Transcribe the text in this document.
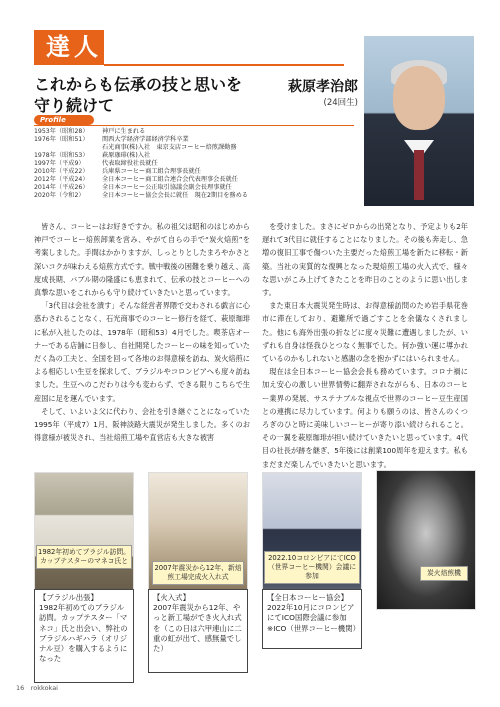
達人
これからも伝承の技と思いを
守り続けて
萩原孝治郎
(24回生)
Profile
1953年（昭和28）	神戸に生まれる
1976年（昭和51）	関西大学経済学部経済学科卒業
石光商事(株)入社　東京支店コーヒー焙煎課勤務
1978年（昭和53）	萩原珈琲(株)入社
1997年（平成9）	代表取締役社長就任
2010年（平成22）	兵庫県コーヒー商工組合理事長就任
2012年（平成24）	全日本コーヒー商工組合連合会代表理事会長就任
2014年（平成26）	全日本コーヒー公正取引協議会副会長理事就任
2020年（令和2）	全日本コーヒー協会会長に就任　現在2期目を務める

皆さん、コーヒーはお好きですか。私の祖父は昭和のはじめから神戸でコーヒー焙煎卸業を営み、やがて自らの手で“炭火焙煎”を考案しました。手間はかかりますが、しっとりとしたまろやかさと深いコクが味わえる焙煎方式です。戦中戦後の困難を乗り越え、高度成長期、バブル期の隆盛にも恵まれて、伝承の技とコーヒーへの真摯な思いをこれからも守り続けていきたいと思っています。

「3代目は会社を潰す」そんな経営者界隈で交わされる戯言に心惑わされることなく、石光商事でのコーヒー修行を経て、萩原珈琲に私が入社したのは、1978年（昭和53）4月でした。喫茶店オーナーである店舗に日参し、自社開発したコーヒーの味を知っていただく為の工夫と、全国を回って各地のお得意様を訪ね、炭火焙煎による相応しい生豆を探求して、ブラジルやコロンビアへも度々訪ねました。生豆へのこだわりは今も変わらず、できる限りこちらで生産国に足を運んでいます。

そして、いよいよ父に代わり、会社を引き継ぐことになっていた1995年（平成7）1月、阪神淡路大震災が発生しました。多くのお得意様が被災され、当社焙煎工場や直営店も大きな被害

を受けました。まさにゼロからの出発となり、予定よりも2年遅れて3代目に就任することになりました。その後も奔走し、急増の復旧工事で傷ついた主要だった焙煎工場を新たに移転・新築。当社の実質的な復興となった現焙煎工場の火入式で、様々な思いがこみ上げてきたことを昨日のことのように思い出します。

また東日本大震災発生時は、お得意様訪問のため岩手県花巻市に滞在しており、避難所で過ごすことを余儀なくされました。他にも海外出張の折などに度々災難に遭遇しましたが、いずれも自身は怪我ひとつなく無事でした。何か強い運に導かれているのかもしれないと感謝の念を抱かずにはいられません。

現在は全日本コーヒー協会会長も務めています。コロナ禍に加え安心の激しい世界情勢に翻弄されながらも、日本のコーヒー業界の発展、サステナブルな視点で世界のコーヒー豆生産国との連携に尽力しています。何よりも願うのは、皆さんのくつろぎのひと時に美味しいコーヒーが寄り添い続けられること。その一翼を萩原珈琲が担い続けていきたいと思っています。4代目の社長が跡を継ぎ、5年後には創業100周年を迎えます。私もまだまだ楽しんでいきたいと思います。

1982年初めてブラジル訪問。カップテスターのマネコ氏と
【ブラジル出張】
1982年初めてのブラジル訪問。カップテスター「マネコ」氏と出会い、弊社のブラジルハギハラ（オリジナル豆）を購入するようになった
2007年震災から12年、新焙煎工場完成火入れ式
【火入式】
2007年震災から12年、やっと新工場ができ火入れ式を（この日は六甲連山に二重の虹が出て、感無量でした）
2022.10コロンビアにてICO（世界コーヒー機関）会議に参加
【全日本コーヒー協会】
2022年10月にコロンビアにてICO国際会議に参加
※ICO（世界コーヒー機関）
炭火焙煎機
16　rokkokai
